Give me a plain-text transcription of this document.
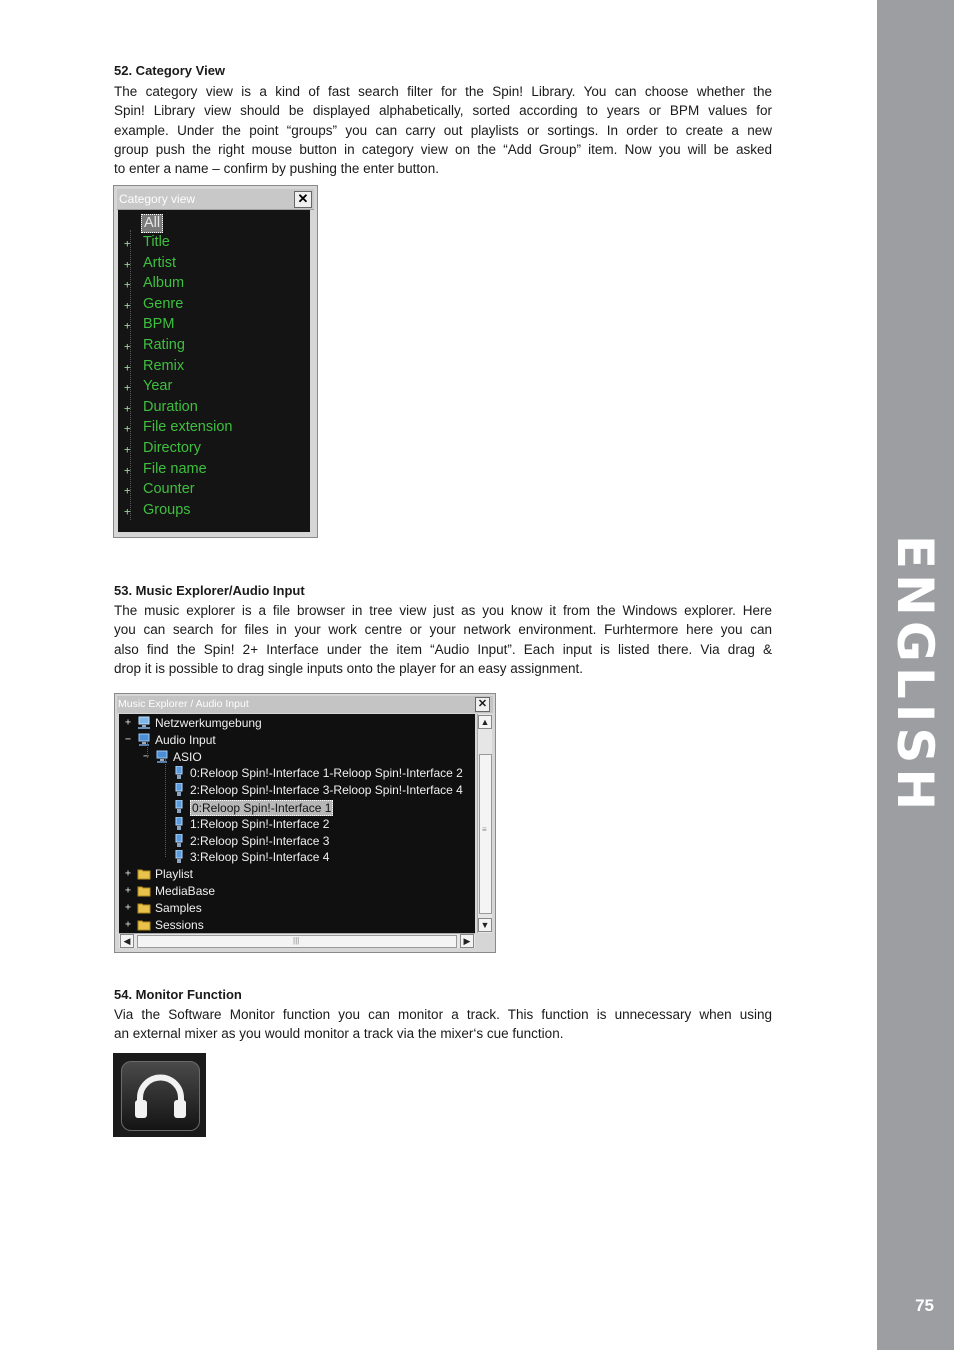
ENGLISH
75
52. Category View
The category view is a kind of fast search filter for the Spin! Library. You can choose whether the
Spin! Library view should be displayed alphabetically, sorted according to years or BPM values for
example. Under the point “groups” you can carry out playlists or sortings. In order to create a new
group push the right mouse button in category view on the “Add Group” item. Now you will be asked
to enter a name – confirm by pushing the enter button.
Category view	✕
All
+ Title
+ Artist
+ Album
+ Genre
+ BPM
+ Rating
+ Remix
+ Year
+ Duration
+ File extension
+ Directory
+ File name
+ Counter
+ Groups
53. Music Explorer/Audio Input
The music explorer is a file browser in tree view just as you know it from the Windows explorer. Here
you can search for files in your work centre or your network environment. Furhtermore here you can
also find the Spin! 2+ Interface under the item “Audio Input”. Each input is listed there. Via drag &
drop it is possible to drag single inputs onto the player for an easy assignment.
Music Explorer / Audio Input	✕
+ Netzwerkumgebung
− Audio Input
− ASIO
0:Reloop Spin!-Interface 1-Reloop Spin!-Interface 2
2:Reloop Spin!-Interface 3-Reloop Spin!-Interface 4
0:Reloop Spin!-Interface 1
1:Reloop Spin!-Interface 2
2:Reloop Spin!-Interface 3
3:Reloop Spin!-Interface 4
+ Playlist
+ MediaBase
+ Samples
+ Sessions
▲
≡
▼
◀	|||	▶
54. Monitor Function
Via the Software Monitor function you can monitor a track. This function is unnecessary when using
an external mixer as you would monitor a track via the mixer‘s cue function.
